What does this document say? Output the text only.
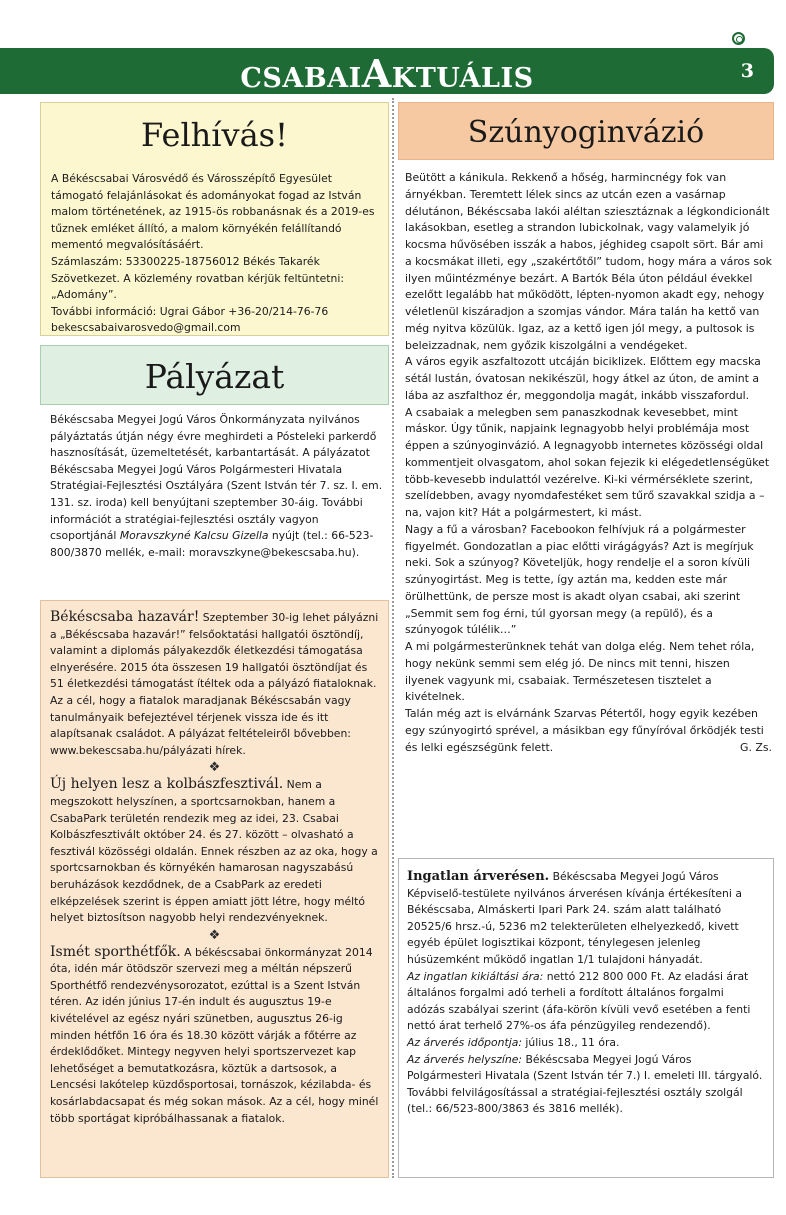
CSABAIAKTUÁLIS	3
Felhívás!

A Békéscsabai Városvédő és Városszépítő Egyesület támogató felajánlásokat és adományokat fogad az István malom történetének, az 1915-ös robbanásnak és a 2019-es tűznek emléket állító, a malom környékén felállítandó mementó megvalósításáért.

Számlaszám: 53300225-18756012 Békés Takarék Szövetkezet. A közlemény rovatban kérjük feltüntetni: „Adomány”.

További információ: Ugrai Gábor +36-20/214-76-76

bekescsabaivarosvedo@gmail.com

Pályázat

Békéscsaba Megyei Jogú Város Önkormányzata nyilvános pályáztatás útján négy évre meghirdeti a Pósteleki parkerdő hasznosítását, üzemeltetését, karbantartását. A pályázatot Békéscsaba Megyei Jogú Város Polgármesteri Hivatala Stratégiai-Fejlesztési Osztályára (Szent István tér 7. sz. I. em. 131. sz. iroda) kell benyújtani szeptember 30-áig. További információt a stratégiai-fejlesztési osztály vagyon csoportjánál Moravszkyné Kalcsu Gizella nyújt (tel.: 66-523-800/3870 mellék, e-mail: moravszkyne@bekescsaba.hu).

Békéscsaba hazavár! Szeptember 30-ig lehet pályázni a „Békéscsaba hazavár!” felsőoktatási hallgatói ösztöndíj, valamint a diplomás pályakezdők életkezdési támogatása elnyerésére. 2015 óta összesen 19 hallgatói ösztöndíjat és 51 életkezdési támogatást ítéltek oda a pályázó fiataloknak. Az a cél, hogy a fiatalok maradjanak Békéscsabán vagy tanulmányaik befejeztével térjenek vissza ide és itt alapítsanak családot. A pályázat feltételeiről bővebben: www.bekescsaba.hu/pályázati hírek.

❖

Új helyen lesz a kolbászfesztivál. Nem a megszokott helyszínen, a sportcsarnokban, hanem a CsabaPark területén rendezik meg az idei, 23. Csabai Kolbászfesztivált október 24. és 27. között – olvasható a fesztivál közösségi oldalán. Ennek részben az az oka, hogy a sportcsarnokban és környékén hamarosan nagyszabású beruházások kezdődnek, de a CsabPark az eredeti elképzelések szerint is éppen amiatt jött létre, hogy méltó helyet biztosítson nagyobb helyi rendezvényeknek.

❖

Ismét sporthétfők. A békéscsabai önkormányzat 2014 óta, idén már ötödször szervezi meg a méltán népszerű Sporthétfő rendezvénysorozatot, ezúttal is a Szent István téren. Az idén június 17-én indult és augusztus 19-e kivételével az egész nyári szünetben, augusztus 26-ig minden hétfőn 16 óra és 18.30 között várják a főtérre az érdeklődőket. Mintegy negyven helyi sportszervezet kap lehetőséget a bemutatkozásra, köztük a dartsosok, a Lencsési lakótelep küzdősportosai, tornászok, kézilabda- és kosárlabdacsapat és még sokan mások. Az a cél, hogy minél több sportágat kipróbálhassanak a fiatalok.

Szúnyoginvázió

Beütött a kánikula. Rekkenő a hőség, harmincnégy fok van árnyékban. Teremtett lélek sincs az utcán ezen a vasárnap délutánon, Békéscsaba lakói aléltan sziesztáznak a légkondicionált lakásokban, esetleg a strandon lubickolnak, vagy valamelyik jó kocsma hűvösében isszák a habos, jéghideg csapolt sört. Bár ami a kocsmákat illeti, egy „szakértőtől” tudom, hogy mára a város sok ilyen műintézménye bezárt. A Bartók Béla úton például évekkel ezelőtt legalább hat működött, lépten-nyomon akadt egy, nehogy véletlenül kiszáradjon a szomjas vándor. Mára talán ha kettő van még nyitva közülük. Igaz, az a kettő igen jól megy, a pultosok is beleizzadnak, nem győzik kiszolgálni a vendégeket.

A város egyik aszfaltozott utcáján biciklizek. Előttem egy macska sétál lustán, óvatosan nekikészül, hogy átkel az úton, de amint a lába az aszfalthoz ér, meggondolja magát, inkább visszafordul.

A csabaiak a melegben sem panaszkodnak kevesebbet, mint máskor. Úgy tűnik, napjaink legnagyobb helyi problémája most éppen a szúnyoginvázió. A legnagyobb internetes közösségi oldal kommentjeit olvasgatom, ahol sokan fejezik ki elégedetlenségüket több-kevesebb indulattól vezérelve. Ki-ki vérmérséklete szerint, szelídebben, avagy nyomdafestéket sem tűrő szavakkal szidja a – na, vajon kit? Hát a polgármestert, ki mást.

Nagy a fű a városban? Facebookon felhívjuk rá a polgármester figyelmét. Gondozatlan a piac előtti virágágyás? Azt is megírjuk neki. Sok a szúnyog? Követeljük, hogy rendelje el a soron kívüli szúnyogirtást. Meg is tette, így aztán ma, kedden este már örülhettünk, de persze most is akadt olyan csabai, aki szerint „Semmit sem fog érni, túl gyorsan megy (a repülő), és a szúnyogok túlélik…”

A mi polgármesterünknek tehát van dolga elég. Nem tehet róla, hogy nekünk semmi sem elég jó. De nincs mit tenni, hiszen ilyenek vagyunk mi, csabaiak. Természetesen tisztelet a kivételnek.

Talán még azt is elvárnánk Szarvas Pétertől, hogy egyik kezében egy szúnyogirtó sprével, a másikban egy fűnyíróval őrködjék testi és lelki egészségünk felett.	G. Zs.

Ingatlan árverésen. Békéscsaba Megyei Jogú Város Képviselő-testülete nyilvános árverésen kívánja értékesíteni a Békéscsaba, Almáskerti Ipari Park 24. szám alatt található 20525/6 hrsz.-ú, 5236 m2 telekterületen elhelyezkedő, kivett egyéb épület logisztikai központ, ténylegesen jelenleg húsüzemként működő ingatlan 1/1 tulajdoni hányadát.

Az ingatlan kikiáltási ára: nettó 212 800 000 Ft. Az eladási árat általános forgalmi adó terheli a fordított általános forgalmi adózás szabályai szerint (áfa-körön kívüli vevő esetében a fenti nettó árat terhelő 27%-os áfa pénzügyileg rendezendő).

Az árverés időpontja: július 18., 11 óra.

Az árverés helyszíne: Békéscsaba Megyei Jogú Város Polgármesteri Hivatala (Szent István tér 7.) I. emeleti III. tárgyaló. További felvilágosítással a stratégiai-fejlesztési osztály szolgál (tel.: 66/523-800/3863 és 3816 mellék).
